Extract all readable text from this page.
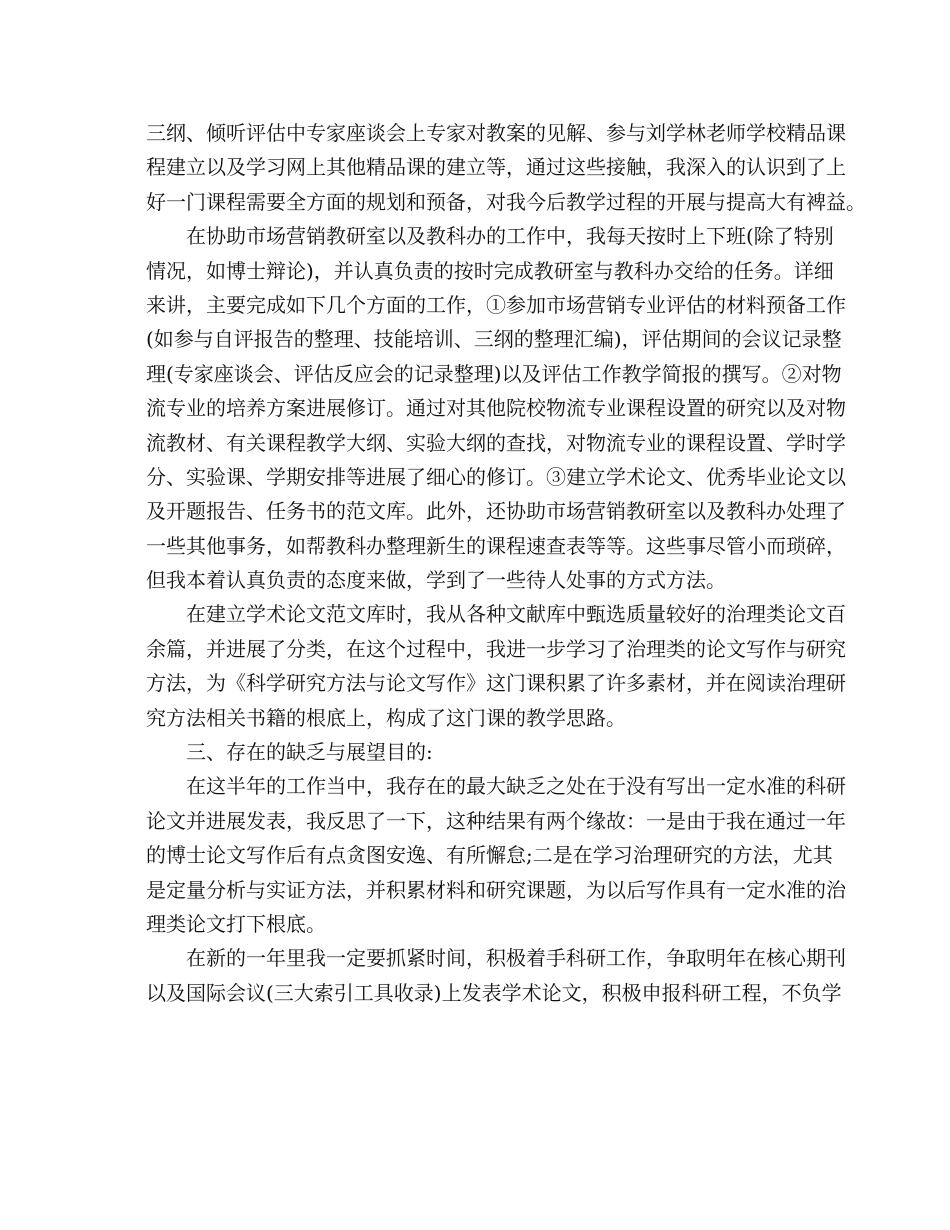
三纲、倾听评估中专家座谈会上专家对教案的见解、参与刘学林老师学校精品课

程建立以及学习网上其他精品课的建立等，通过这些接触，我深入的认识到了上

好一门课程需要全方面的规划和预备，对我今后教学过程的开展与提高大有裨益。

在协助市场营销教研室以及教科办的工作中，我每天按时上下班(除了特别

情况，如博士辩论)，并认真负责的按时完成教研室与教科办交给的任务。详细

来讲，主要完成如下几个方面的工作，①参加市场营销专业评估的材料预备工作

(如参与自评报告的整理、技能培训、三纲的整理汇编)，评估期间的会议记录整

理(专家座谈会、评估反应会的记录整理)以及评估工作教学简报的撰写。②对物

流专业的培养方案进展修订。通过对其他院校物流专业课程设置的研究以及对物

流教材、有关课程教学大纲、实验大纲的查找，对物流专业的课程设置、学时学

分、实验课、学期安排等进展了细心的修订。③建立学术论文、优秀毕业论文以

及开题报告、任务书的范文库。此外，还协助市场营销教研室以及教科办处理了

一些其他事务，如帮教科办整理新生的课程速查表等等。这些事尽管小而琐碎，

但我本着认真负责的态度来做，学到了一些待人处事的方式方法。

在建立学术论文范文库时，我从各种文献库中甄选质量较好的治理类论文百

余篇，并进展了分类，在这个过程中，我进一步学习了治理类的论文写作与研究

方法，为《科学研究方法与论文写作》这门课积累了许多素材，并在阅读治理研

究方法相关书籍的根底上，构成了这门课的教学思路。

三、存在的缺乏与展望目的:

在这半年的工作当中，我存在的最大缺乏之处在于没有写出一定水准的科研

论文并进展发表，我反思了一下，这种结果有两个缘故：一是由于我在通过一年

的博士论文写作后有点贪图安逸、有所懈怠;二是在学习治理研究的方法，尤其

是定量分析与实证方法，并积累材料和研究课题，为以后写作具有一定水准的治

理类论文打下根底。

在新的一年里我一定要抓紧时间，积极着手科研工作，争取明年在核心期刊

以及国际会议(三大索引工具收录)上发表学术论文，积极申报科研工程，不负学
